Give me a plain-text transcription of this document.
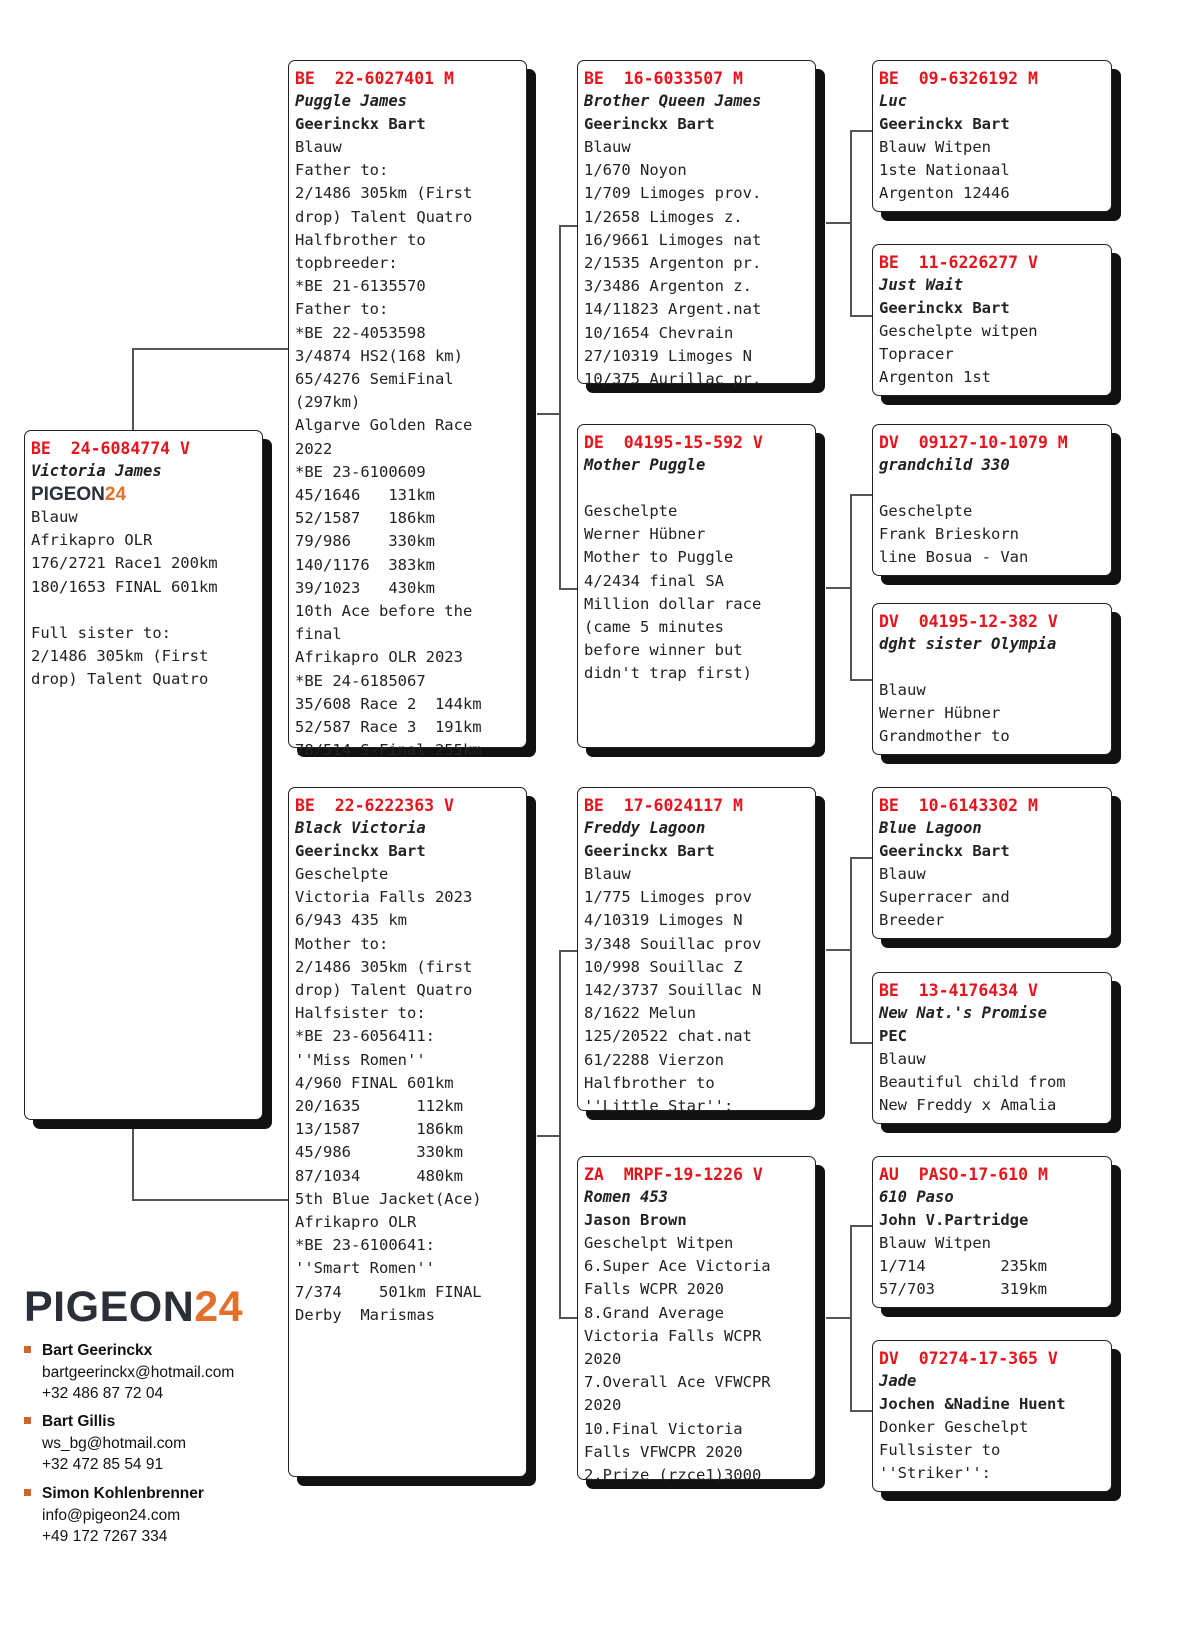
BE  24-6084774 V
Victoria James
PIGEON24
Blauw
Afrikapro OLR
176/2721 Race1 200km
180/1653 FINAL 601km
Full sister to:
2/1486 305km (First
drop) Talent Quatro
BE  22-6027401 M
Puggle James
Geerinckx Bart
Blauw
Father to:
2/1486 305km (First
drop) Talent Quatro
Halfbrother to
topbreeder:
*BE 21-6135570
Father to:
*BE 22-4053598
3/4874 HS2(168 km)
65/4276 SemiFinal
(297km)
Algarve Golden Race
2022
*BE 23-6100609
45/1646   131km
52/1587   186km
79/986    330km
140/1176  383km
39/1023   430km
10th Ace before the
final
Afrikapro OLR 2023
*BE 24-6185067
35/608 Race 2  144km
52/587 Race 3  191km
78/514 S-Final 255km
BE  22-6222363 V
Black Victoria
Geerinckx Bart
Geschelpte
Victoria Falls 2023
6/943 435 km
Mother to:
2/1486 305km (first
drop) Talent Quatro
Halfsister to:
*BE 23-6056411:
''Miss Romen''
4/960 FINAL 601km
20/1635      112km
13/1587      186km
45/986       330km
87/1034      480km
5th Blue Jacket(Ace)
Afrikapro OLR
*BE 23-6100641:
''Smart Romen''
7/374    501km FINAL
Derby  Marismas
BE  16-6033507 M
Brother Queen James
Geerinckx Bart
Blauw
1/670 Noyon
1/709 Limoges prov.
1/2658 Limoges z.
16/9661 Limoges nat
2/1535 Argenton pr.
3/3486 Argenton z.
14/11823 Argent.nat
10/1654 Chevrain
27/10319 Limoges N
10/375 Aurillac pr.
DE  04195-15-592 V
Mother Puggle
Geschelpte
Werner Hübner
Mother to Puggle
4/2434 final SA
Million dollar race
(came 5 minutes
before winner but
didn't trap first)
BE  17-6024117 M
Freddy Lagoon
Geerinckx Bart
Blauw
1/775 Limoges prov
4/10319 Limoges N
3/348 Souillac prov
10/998 Souillac Z
142/3737 Souillac N
8/1622 Melun
125/20522 chat.nat
61/2288 Vierzon
Halfbrother to
''Little Star'':
ZA  MRPF-19-1226 V
Romen 453
Jason Brown
Geschelpt Witpen
6.Super Ace Victoria
Falls WCPR 2020
8.Grand Average
Victoria Falls WCPR
2020
7.Overall Ace VFWCPR
2020
10.Final Victoria
Falls VFWCPR 2020
2.Prize (rzce1)3000
BE  09-6326192 M
Luc
Geerinckx Bart
Blauw Witpen
1ste Nationaal
Argenton 12446
BE  11-6226277 V
Just Wait
Geerinckx Bart
Geschelpte witpen
Topracer
Argenton 1st
DV  09127-10-1079 M
grandchild 330
Geschelpte
Frank Brieskorn
line Bosua - Van
DV  04195-12-382 V
dght sister Olympia
Blauw
Werner Hübner
Grandmother to
BE  10-6143302 M
Blue Lagoon
Geerinckx Bart
Blauw
Superracer and
Breeder
BE  13-4176434 V
New Nat.'s Promise
PEC
Blauw
Beautiful child from
New Freddy x Amalia
AU  PASO-17-610 M
610 Paso
John V.Partridge
Blauw Witpen
1/714        235km
57/703       319km
DV  07274-17-365 V
Jade
Jochen &Nadine Huent
Donker Geschelpt
Fullsister to
''Striker'':
PIGEON24
Bart Geerinckx
bartgeerinckx@hotmail.com
+32 486 87 72 04
Bart Gillis
ws_bg@hotmail.com
+32 472 85 54 91
Simon Kohlenbrenner
info@pigeon24.com
+49 172 7267 334
